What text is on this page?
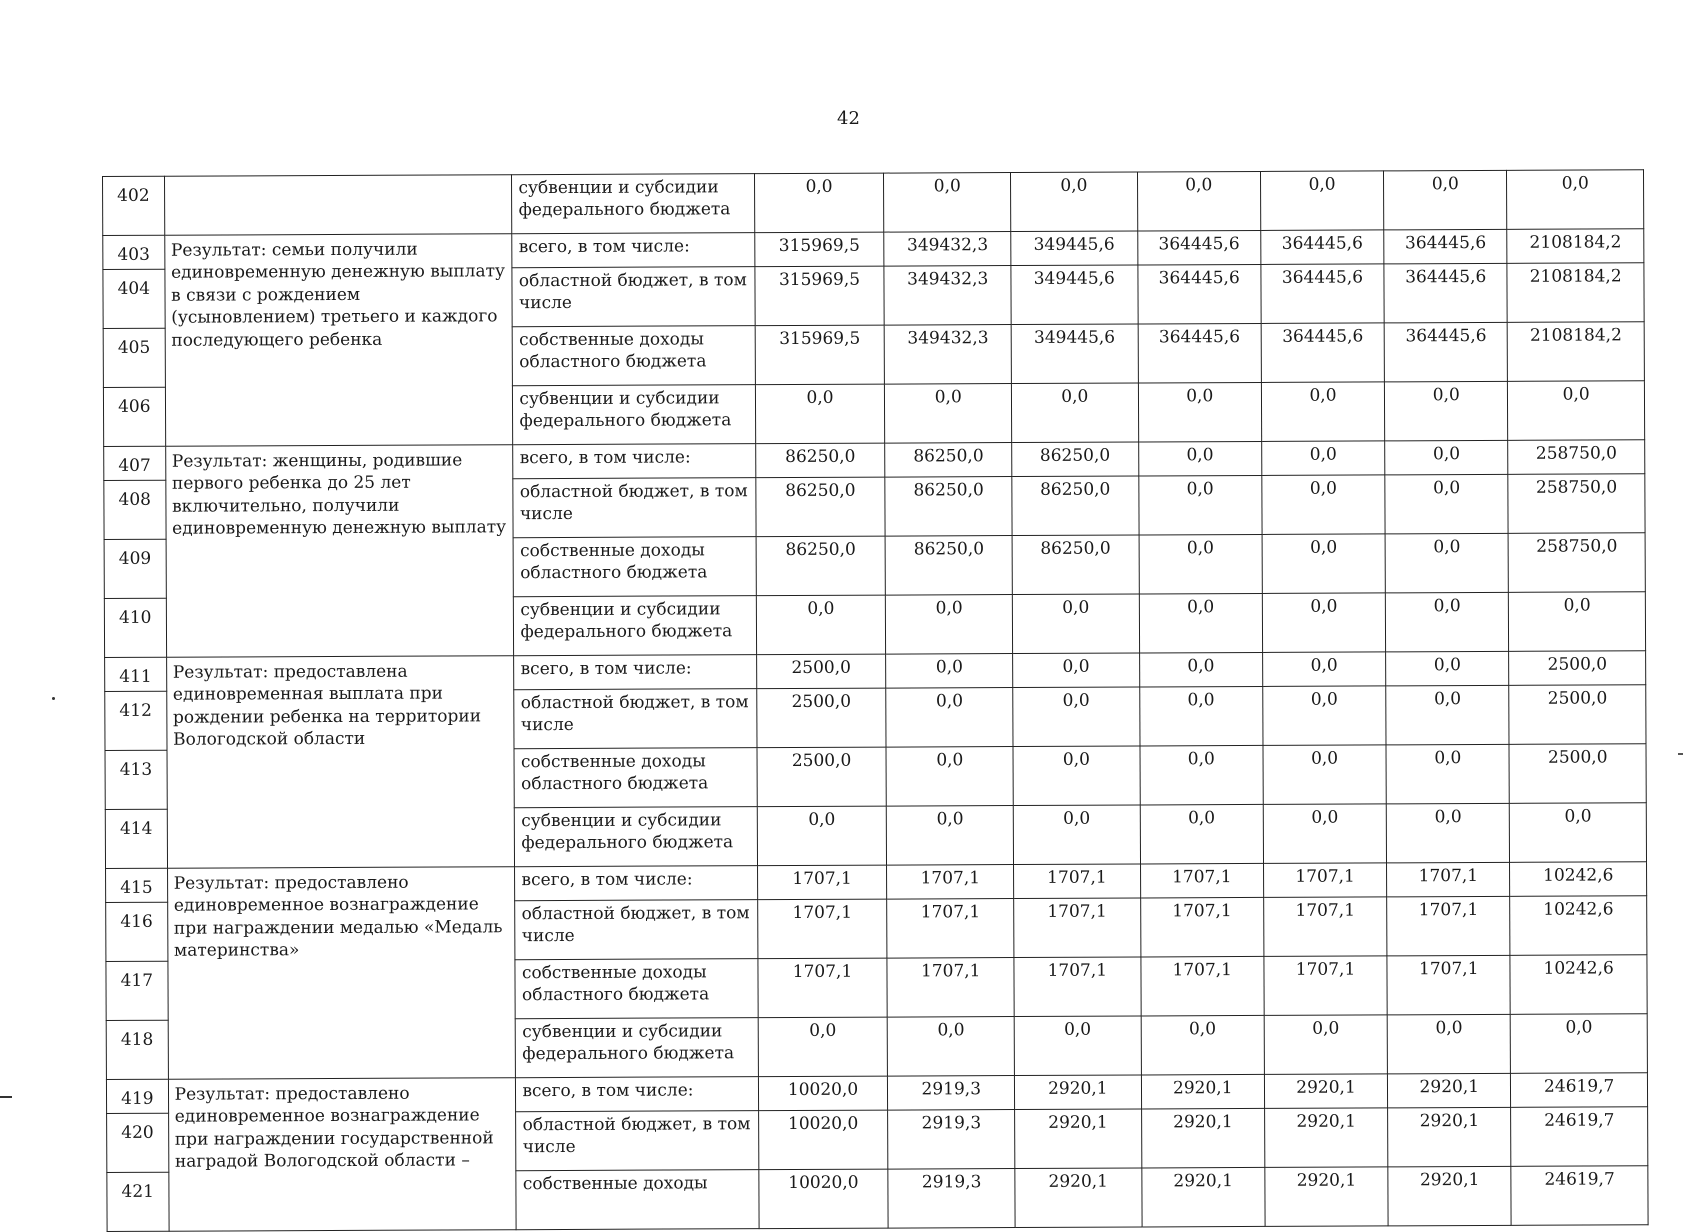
42
402		субвенции и субсидии федерального бюджета	0,0	0,0	0,0	0,0	0,0	0,0	0,0
403	Результат: семьи получили единовременную денежную выплату в связи с рождением (усыновлением) третьего и каждого последующего ребенка	всего, в том числе:	315969,5	349432,3	349445,6	364445,6	364445,6	364445,6	2108184,2
404		областной бюджет, в том числе	315969,5	349432,3	349445,6	364445,6	364445,6	364445,6	2108184,2
405		собственные доходы областного бюджета	315969,5	349432,3	349445,6	364445,6	364445,6	364445,6	2108184,2
406		субвенции и субсидии федерального бюджета	0,0	0,0	0,0	0,0	0,0	0,0	0,0
407	Результат: женщины, родившие первого ребенка до 25 лет включительно, получили единовременную денежную выплату	всего, в том числе:	86250,0	86250,0	86250,0	0,0	0,0	0,0	258750,0
408		областной бюджет, в том числе	86250,0	86250,0	86250,0	0,0	0,0	0,0	258750,0
409		собственные доходы областного бюджета	86250,0	86250,0	86250,0	0,0	0,0	0,0	258750,0
410		субвенции и субсидии федерального бюджета	0,0	0,0	0,0	0,0	0,0	0,0	0,0
411	Результат: предоставлена единовременная выплата при рождении ребенка на территории Вологодской области	всего, в том числе:	2500,0	0,0	0,0	0,0	0,0	0,0	2500,0
412		областной бюджет, в том числе	2500,0	0,0	0,0	0,0	0,0	0,0	2500,0
413		собственные доходы областного бюджета	2500,0	0,0	0,0	0,0	0,0	0,0	2500,0
414		субвенции и субсидии федерального бюджета	0,0	0,0	0,0	0,0	0,0	0,0	0,0
415	Результат: предоставлено единовременное вознаграждение при награждении медалью «Медаль материнства»	всего, в том числе:	1707,1	1707,1	1707,1	1707,1	1707,1	1707,1	10242,6
416		областной бюджет, в том числе	1707,1	1707,1	1707,1	1707,1	1707,1	1707,1	10242,6
417		собственные доходы областного бюджета	1707,1	1707,1	1707,1	1707,1	1707,1	1707,1	10242,6
418		субвенции и субсидии федерального бюджета	0,0	0,0	0,0	0,0	0,0	0,0	0,0
419	Результат: предоставлено единовременное вознаграждение при награждении государственной наградой Вологодской области –	всего, в том числе:	10020,0	2919,3	2920,1	2920,1	2920,1	2920,1	24619,7
420		областной бюджет, в том числе	10020,0	2919,3	2920,1	2920,1	2920,1	2920,1	24619,7
421		собственные доходы	10020,0	2919,3	2920,1	2920,1	2920,1	2920,1	24619,7
